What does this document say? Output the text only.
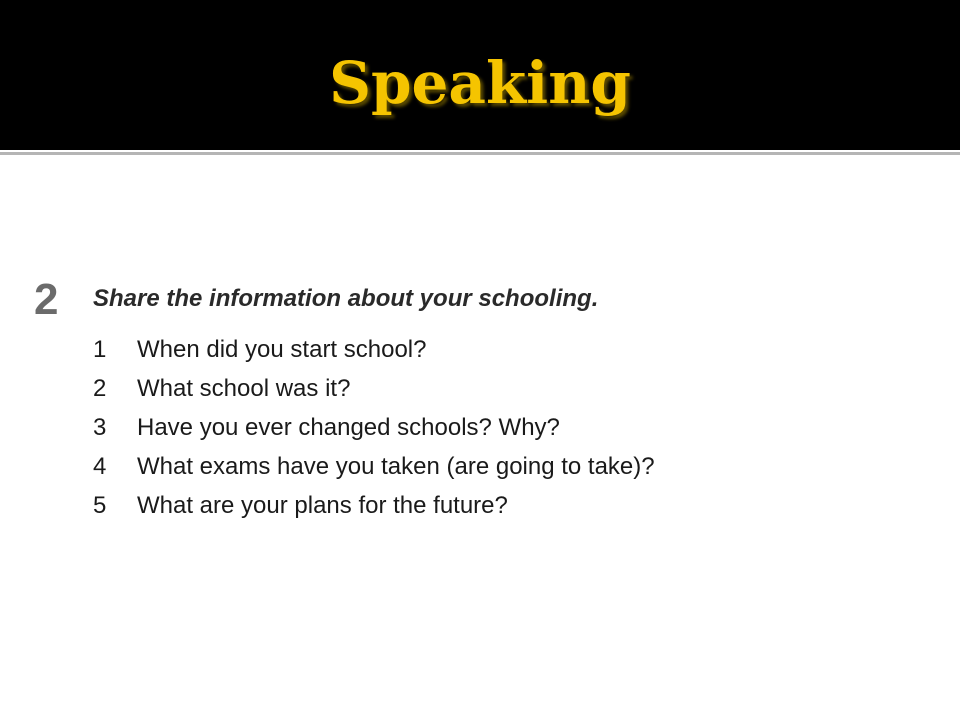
Speaking
2 Share the information about your schooling.
1	When did you start school?
2	What school was it?
3	Have you ever changed schools? Why?
4	What exams have you taken (are going to take)?
5	What are your plans for the future?
